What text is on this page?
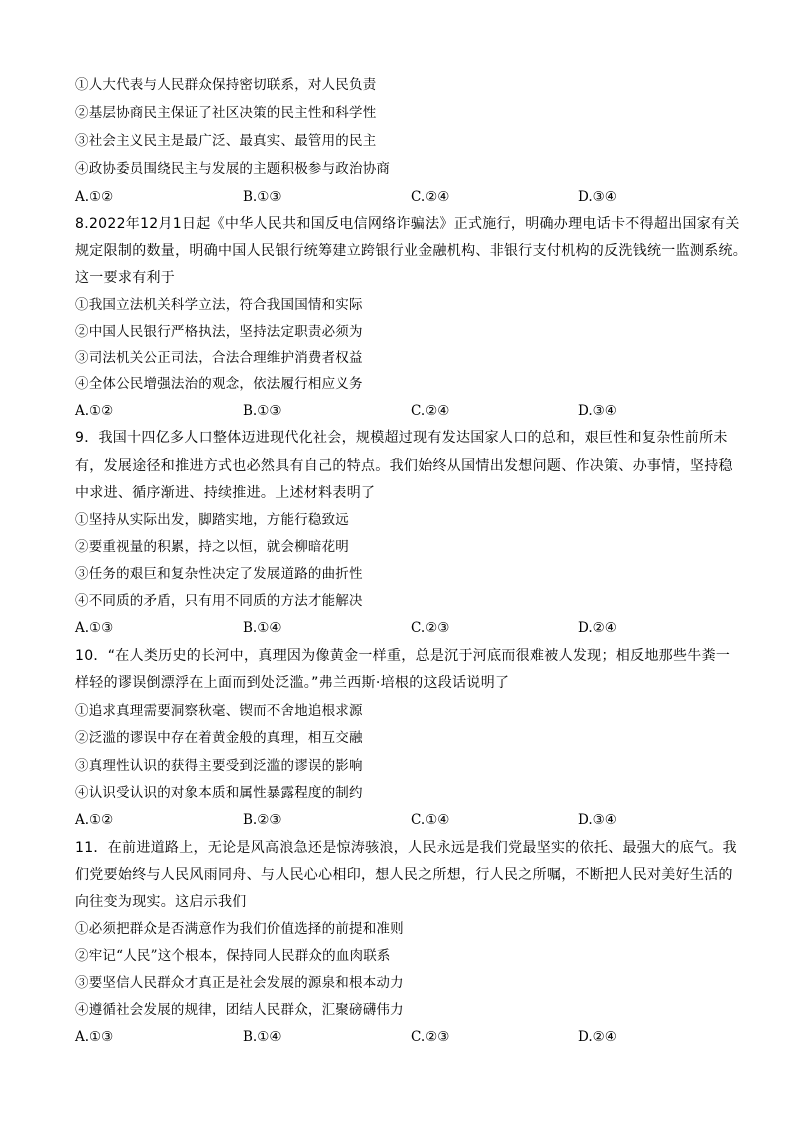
①人大代表与人民群众保持密切联系，对人民负责
②基层协商民主保证了社区决策的民主性和科学性
③社会主义民主是最广泛、最真实、最管用的民主
④政协委员围绕民主与发展的主题积极参与政治协商
A.①②	B.①③	C.②④	D.③④
8.2022年12月1日起《中华人民共和国反电信网络诈骗法》正式施行，明确办理电话卡不得超出国家有关
规定限制的数量，明确中国人民银行统筹建立跨银行业金融机构、非银行支付机构的反洗钱统一监测系统。
这一要求有利于
①我国立法机关科学立法，符合我国国情和实际
②中国人民银行严格执法，坚持法定职责必须为
③司法机关公正司法，合法合理维护消费者权益
④全体公民增强法治的观念，依法履行相应义务
A.①②	B.①③	C.②④	D.③④
9．我国十四亿多人口整体迈进现代化社会，规模超过现有发达国家人口的总和，艰巨性和复杂性前所未
有，发展途径和推进方式也必然具有自己的特点。我们始终从国情出发想问题、作决策、办事情，坚持稳
中求进、循序渐进、持续推进。上述材料表明了
①坚持从实际出发，脚踏实地，方能行稳致远
②要重视量的积累，持之以恒，就会柳暗花明
③任务的艰巨和复杂性决定了发展道路的曲折性
④不同质的矛盾，只有用不同质的方法才能解决
A.①③	B.①④	C.②③	D.②④
10．“在人类历史的长河中，真理因为像黄金一样重，总是沉于河底而很难被人发现；相反地那些牛粪一
样轻的谬误倒漂浮在上面而到处泛滥。”弗兰西斯·培根的这段话说明了
①追求真理需要洞察秋毫、锲而不舍地追根求源
②泛滥的谬误中存在着黄金般的真理，相互交融
③真理性认识的获得主要受到泛滥的谬误的影响
④认识受认识的对象本质和属性暴露程度的制约
A.①②	B.②③	C.①④	D.③④
11．在前进道路上，无论是风高浪急还是惊涛骇浪，人民永远是我们党最坚实的依托、最强大的底气。我
们党要始终与人民风雨同舟、与人民心心相印，想人民之所想，行人民之所嘱，不断把人民对美好生活的
向往变为现实。这启示我们
①必须把群众是否满意作为我们价值选择的前提和准则
②牢记“人民”这个根本，保持同人民群众的血肉联系
③要坚信人民群众才真正是社会发展的源泉和根本动力
④遵循社会发展的规律，团结人民群众，汇聚磅礴伟力
A.①③	B.①④	C.②③	D.②④
